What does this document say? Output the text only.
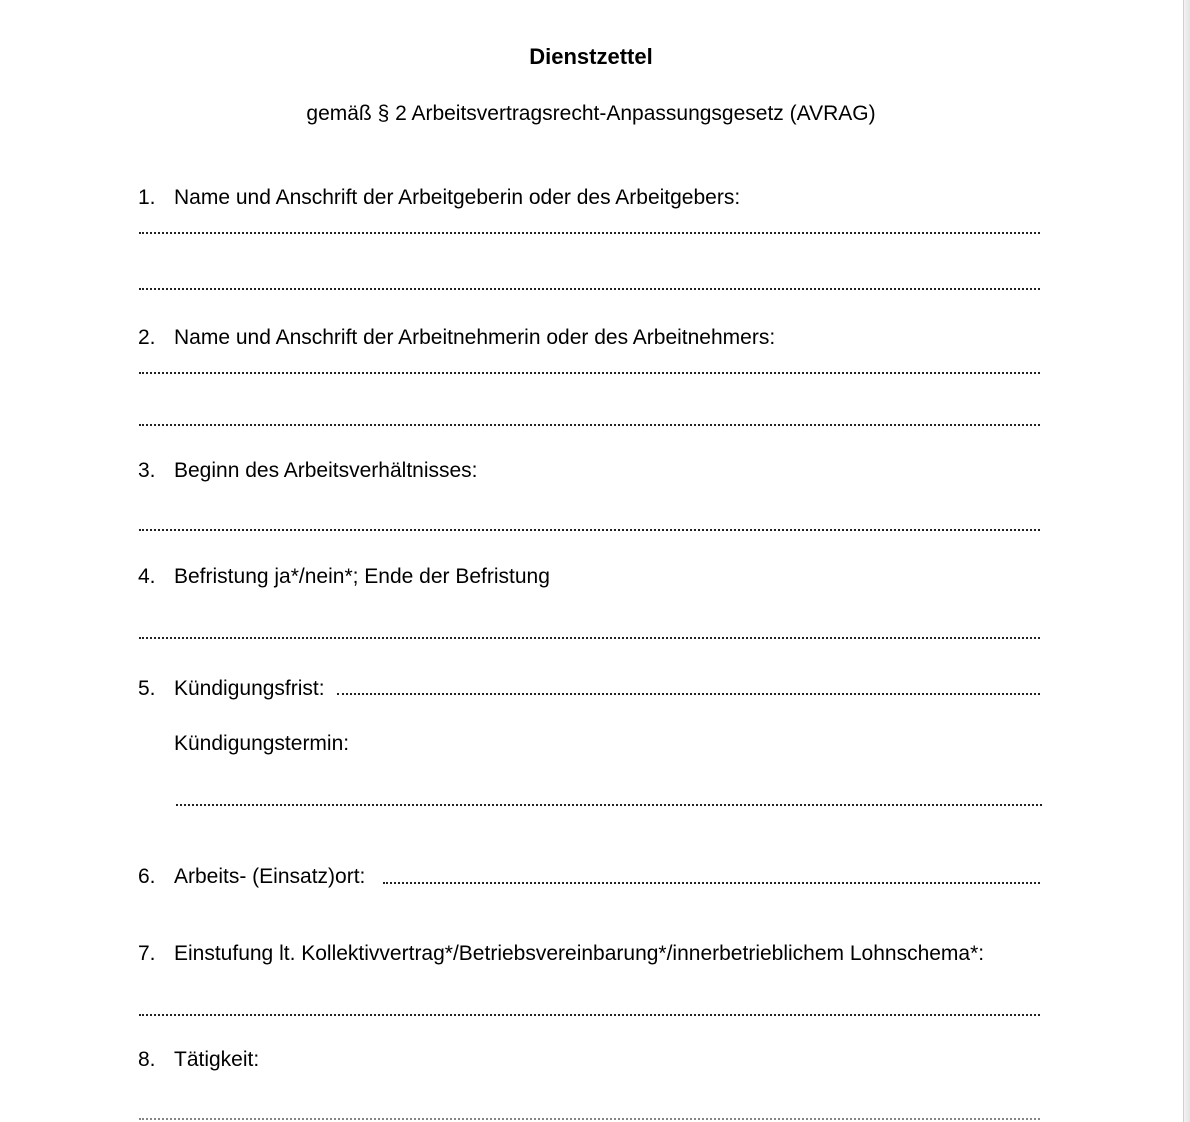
Dienstzettel
gemäß § 2 Arbeitsvertragsrecht-Anpassungsgesetz (AVRAG)
1. Name und Anschrift der Arbeitgeberin oder des Arbeitgebers:
2. Name und Anschrift der Arbeitnehmerin oder des Arbeitnehmers:
3. Beginn des Arbeitsverhältnisses:
4. Befristung ja*/nein*; Ende der Befristung
5. Kündigungsfrist:
Kündigungstermin:
6. Arbeits- (Einsatz)ort:
7. Einstufung lt. Kollektivvertrag*/Betriebsvereinbarung*/innerbetrieblichem Lohnschema*:
8. Tätigkeit:
